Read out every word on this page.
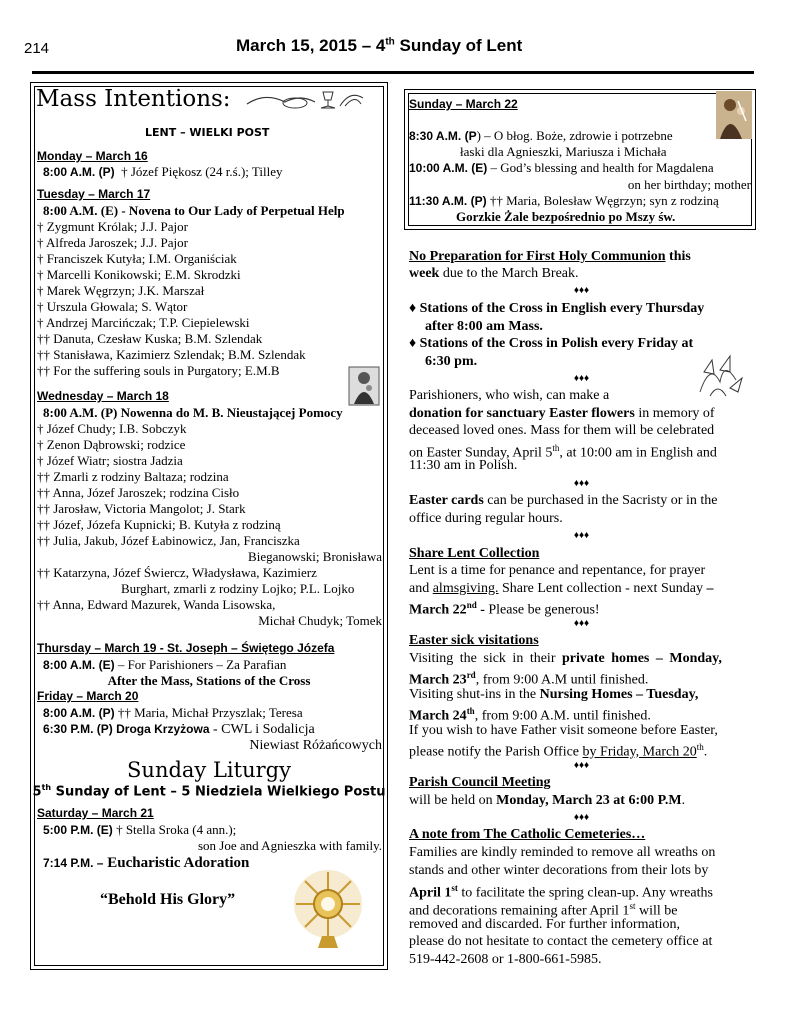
214	March 15, 2015 – 4th Sunday of Lent
Mass Intentions:
LENT – WIELKI POST
Monday – March 16
8:00 A.M. (P) † Józef Piękosz (24 r.ś.); Tilley
Tuesday – March 17
8:00 A.M. (E) - Novena to Our Lady of Perpetual Help
† Zygmunt Królak; J.J. Pajor
† Alfreda Jaroszek; J.J. Pajor
† Franciszek Kutyła; I.M. Organiściak
† Marcelli Konikowski; E.M. Skrodzki
† Marek Węgrzyn; J.K. Marszał
† Urszula Głowala; S. Wątor
† Andrzej Marcińczak; T.P. Ciepielewski
†† Danuta, Czesław Kuska; B.M. Szlendak
†† Stanisława, Kazimierz Szlendak; B.M. Szlendak
†† For the suffering souls in Purgatory; E.M.B
Wednesday – March 18
8:00 A.M. (P) Nowenna do M. B. Nieustającej Pomocy
† Józef Chudy; I.B. Sobczyk
† Zenon Dąbrowski; rodzice
† Józef Wiatr; siostra Jadzia
†† Zmarli z rodziny Baltaza; rodzina
†† Anna, Józef Jaroszek; rodzina Cisło
†† Jarosław, Victoria Mangolot; J. Stark
†† Józef, Józefa Kupnicki; B. Kutyła z rodziną
†† Julia, Jakub, Józef Łabinowicz, Jan, Franciszka
Bieganowski; Bronisława
†† Katarzyna, Józef Świercz, Władysława, Kazimierz
Burghart, zmarli z rodziny Lojko; P.L. Lojko
†† Anna, Edward Mazurek, Wanda Lisowska,
Michał Chudyk; Tomek
Thursday – March 19 - St. Joseph – Świętego Józefa
8:00 A.M. (E) – For Parishioners – Za Parafian
After the Mass, Stations of the Cross
Friday – March 20
8:00 A.M. (P) †† Maria, Michał Przyszlak; Teresa
6:30 P.M. (P) Droga Krzyżowa - CWL i Sodalicja
Niewiast Różańcowych
Sunday Liturgy
5th Sunday of Lent – 5 Niedziela Wielkiego Postu
Saturday – March 21
5:00 P.M. (E) † Stella Sroka (4 ann.);
son Joe and Agnieszka with family.
7:14 P.M. – Eucharistic Adoration
“Behold His Glory”
Sunday – March 22
8:30 A.M. (P) – O błog. Boże, zdrowie i potrzebne
łaski dla Agnieszki, Mariusza i Michała
10:00 A.M. (E) – God’s blessing and health for Magdalena
on her birthday; mother
11:30 A.M. (P) †† Maria, Bolesław Węgrzyn; syn z rodziną
Gorzkie Żale bezpośrednio po Mszy św.
No Preparation for First Holy Communion this
week due to the March Break.
♦♦♦
♦ Stations of the Cross in English every Thursday
after 8:00 am Mass.
♦ Stations of the Cross in Polish every Friday at
6:30 pm.
♦♦♦
Parishioners, who wish, can make a
donation for sanctuary Easter flowers in memory of
deceased loved ones. Mass for them will be celebrated
on Easter Sunday, April 5th, at 10:00 am in English and
11:30 am in Polish.
♦♦♦
Easter cards can be purchased in the Sacristy or in the
office during regular hours.
♦♦♦
Share Lent Collection
Lent is a time for penance and repentance, for prayer
and almsgiving. Share Lent collection - next Sunday –
March 22nd - Please be generous!
♦♦♦
Easter sick visitations
Visiting the sick in their private homes – Monday,
March 23rd, from 9:00 A.M until finished.
Visiting shut-ins in the Nursing Homes – Tuesday,
March 24th, from 9:00 A.M. until finished.
If you wish to have Father visit someone before Easter,
please notify the Parish Office by Friday, March 20th.
♦♦♦
Parish Council Meeting
will be held on Monday, March 23 at 6:00 P.M.
♦♦♦
A note from The Catholic Cemeteries…
Families are kindly reminded to remove all wreaths on
stands and other winter decorations from their lots by
April 1st to facilitate the spring clean-up. Any wreaths
and decorations remaining after April 1st will be
removed and discarded. For further information,
please do not hesitate to contact the cemetery office at
519-442-2608 or 1-800-661-5985.
